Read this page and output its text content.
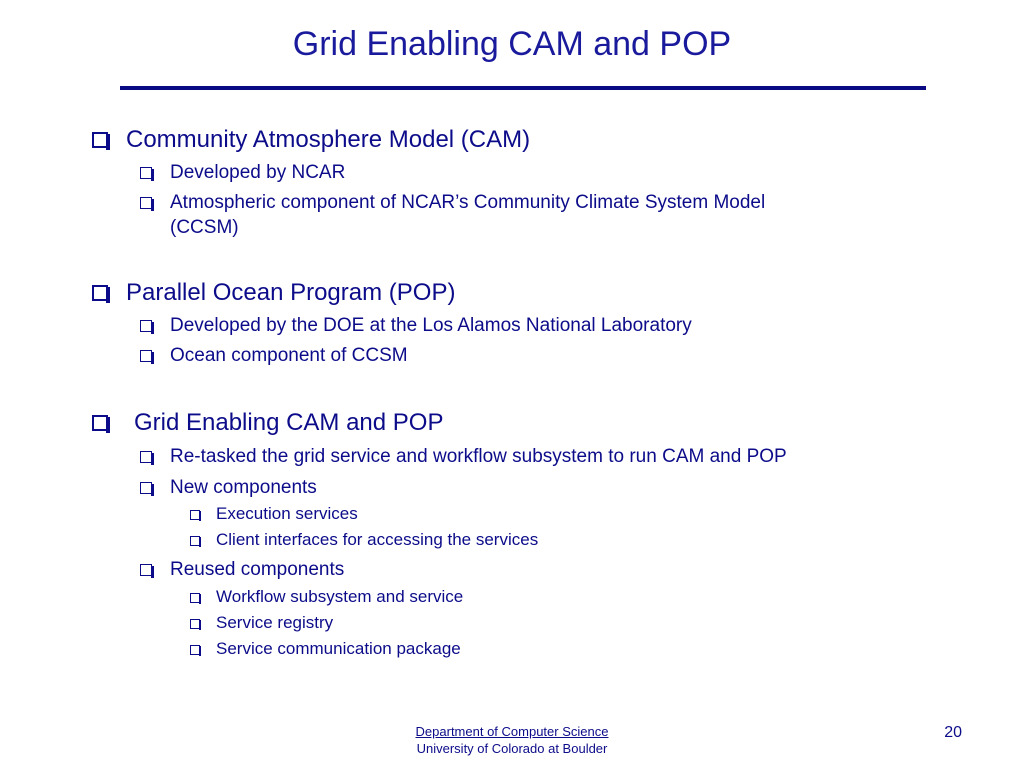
Grid Enabling CAM and POP
Community Atmosphere Model (CAM)
Developed by NCAR
Atmospheric component of NCAR’s Community Climate System Model
(CCSM)
Parallel Ocean Program (POP)
Developed by the DOE at the Los Alamos National Laboratory
Ocean component of CCSM
Grid Enabling CAM and POP
Re-tasked the grid service and workflow subsystem to run CAM and POP
New components
Execution services
Client interfaces for accessing the services
Reused components
Workflow subsystem and service
Service registry
Service communication package
Department of Computer Science
University of Colorado at Boulder
20
